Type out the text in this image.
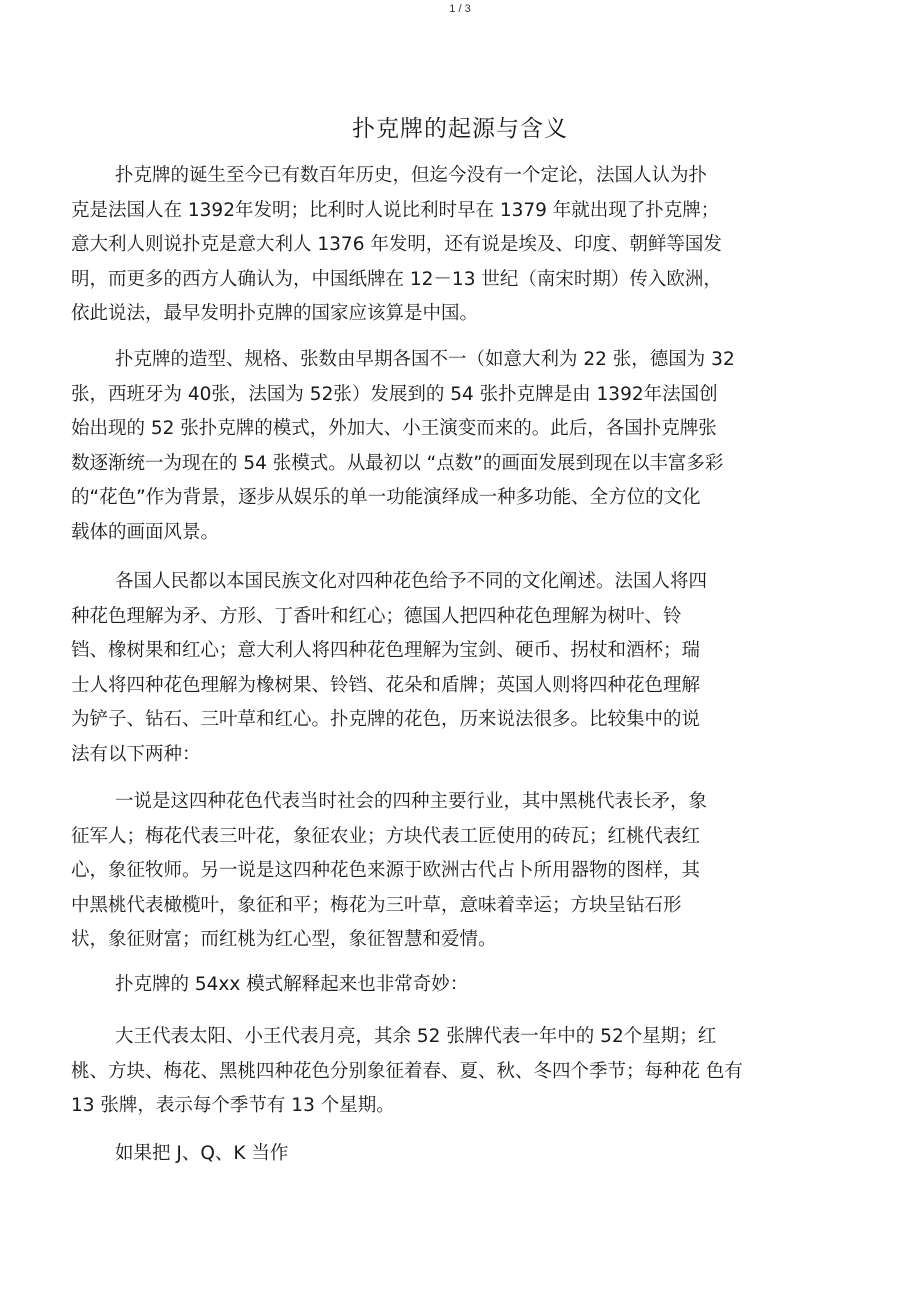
1 / 3
扑克牌的起源与含义
扑克牌的诞生至今已有数百年历史，但迄今没有一个定论，法国人认为扑
克是法国人在 1392年发明；比利时人说比利时早在 1379 年就出现了扑克牌；
意大利人则说扑克是意大利人 1376 年发明，还有说是埃及、印度、朝鲜等国发
明，而更多的西方人确认为，中国纸牌在 12－13 世纪（南宋时期）传入欧洲，
依此说法，最早发明扑克牌的国家应该算是中国。
扑克牌的造型、规格、张数由早期各国不一（如意大利为 22 张，德国为 32
张，西班牙为 40张，法国为 52张）发展到的 54 张扑克牌是由 1392年法国创
始出现的 52 张扑克牌的模式，外加大、小王演变而来的。此后，各国扑克牌张
数逐渐统一为现在的 54 张模式。从最初以 “点数”的画面发展到现在以丰富多彩
的“花色”作为背景，逐步从娱乐的单一功能演绎成一种多功能、全方位的文化
载体的画面风景。
各国人民都以本国民族文化对四种花色给予不同的文化阐述。法国人将四
种花色理解为矛、方形、丁香叶和红心；德国人把四种花色理解为树叶、铃
铛、橡树果和红心；意大利人将四种花色理解为宝剑、硬币、拐杖和酒杯；瑞
士人将四种花色理解为橡树果、铃铛、花朵和盾牌；英国人则将四种花色理解
为铲子、钻石、三叶草和红心。扑克牌的花色，历来说法很多。比较集中的说
法有以下两种：
一说是这四种花色代表当时社会的四种主要行业，其中黑桃代表长矛，象
征军人；梅花代表三叶花，象征农业；方块代表工匠使用的砖瓦；红桃代表红
心，象征牧师。另一说是这四种花色来源于欧洲古代占卜所用器物的图样，其
中黑桃代表橄榄叶，象征和平；梅花为三叶草，意味着幸运；方块呈钻石形
状，象征财富；而红桃为红心型，象征智慧和爱情。
扑克牌的 54xx 模式解释起来也非常奇妙：
大王代表太阳、小王代表月亮，其余 52 张牌代表一年中的 52个星期；红
桃、方块、梅花、黑桃四种花色分别象征着春、夏、秋、冬四个季节；每种花 色有
13 张牌，表示每个季节有 13 个星期。
如果把 J、Q、K 当作
